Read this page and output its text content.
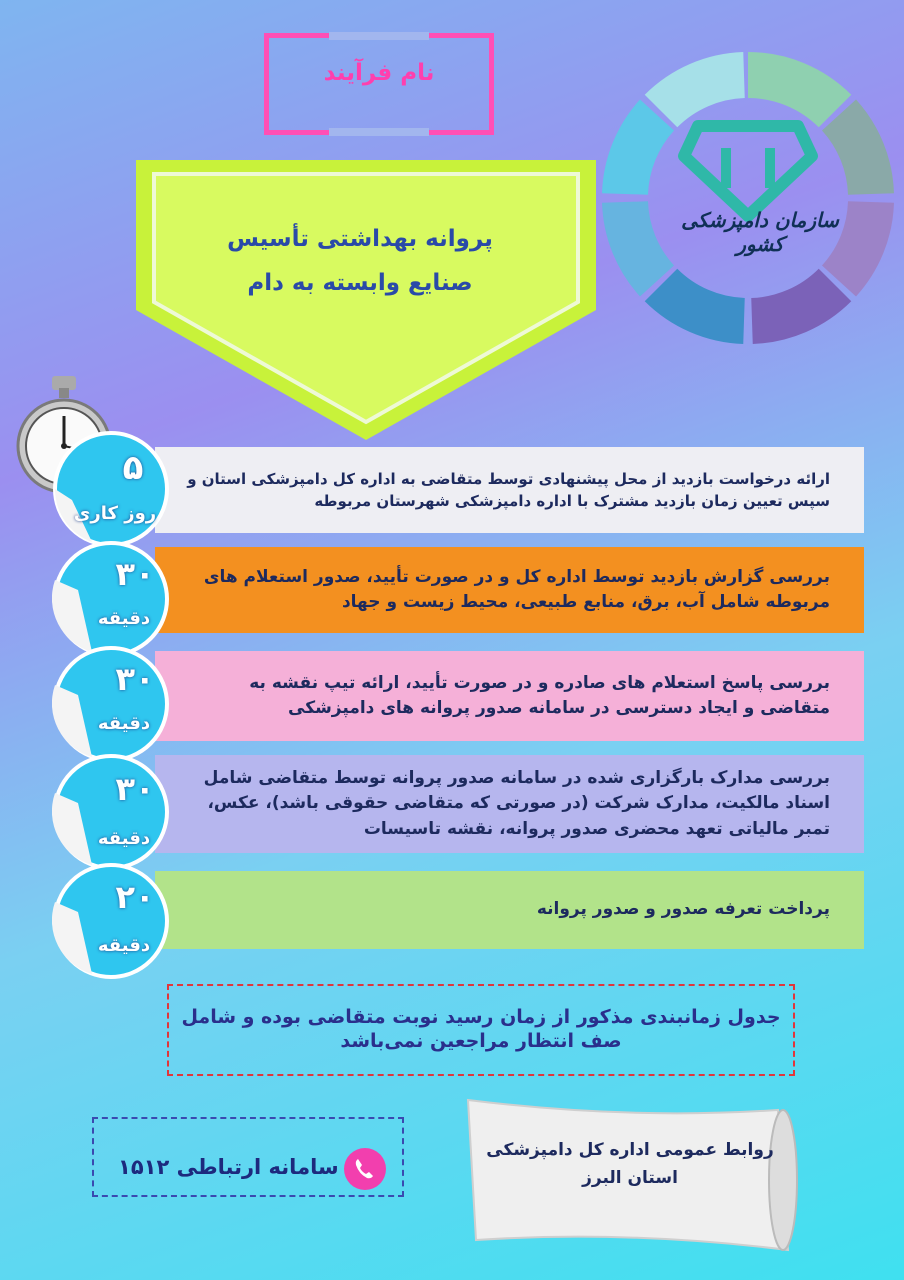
نام فرآیند
پروانه بهداشتی تأسیس
صنایع وابسته به دام
سازمان دامپزشکی کشور
ارائه درخواست بازدید از محل پیشنهادی توسط متقاضی به اداره کل دامپزشکی استان و سپس تعیین زمان بازدید مشترک با اداره دامپزشکی شهرستان مربوطه
بررسی گزارش بازدید توسط اداره کل و در صورت تأیید، صدور استعلام های مربوطه شامل آب، برق، منابع طبیعی، محیط زیست و جهاد
بررسی پاسخ استعلام های صادره و در صورت تأیید، ارائه تیپ نقشه به متقاضی و ایجاد دسترسی در سامانه صدور پروانه های دامپزشکی
بررسی مدارک بارگزاری شده در سامانه صدور پروانه توسط متقاضی شامل اسناد مالکیت، مدارک شرکت (در صورتی که متقاضی حقوقی باشد)، عکس، تمبر مالیاتی تعهد محضری صدور پروانه، نقشه تاسیسات
پرداخت تعرفه صدور و صدور پروانه
۵
روز کاری
۳۰
دقیقه
۳۰
دقیقه
۳۰
دقیقه
۲۰
دقیقه
جدول زمانبندی مذکور از زمان رسید نوبت متقاضی بوده و شامل
صف انتظار مراجعین نمی‌باشد
سامانه ارتباطی ۱۵۱۲
روابط عمومی اداره کل دامپزشکی
استان البرز
